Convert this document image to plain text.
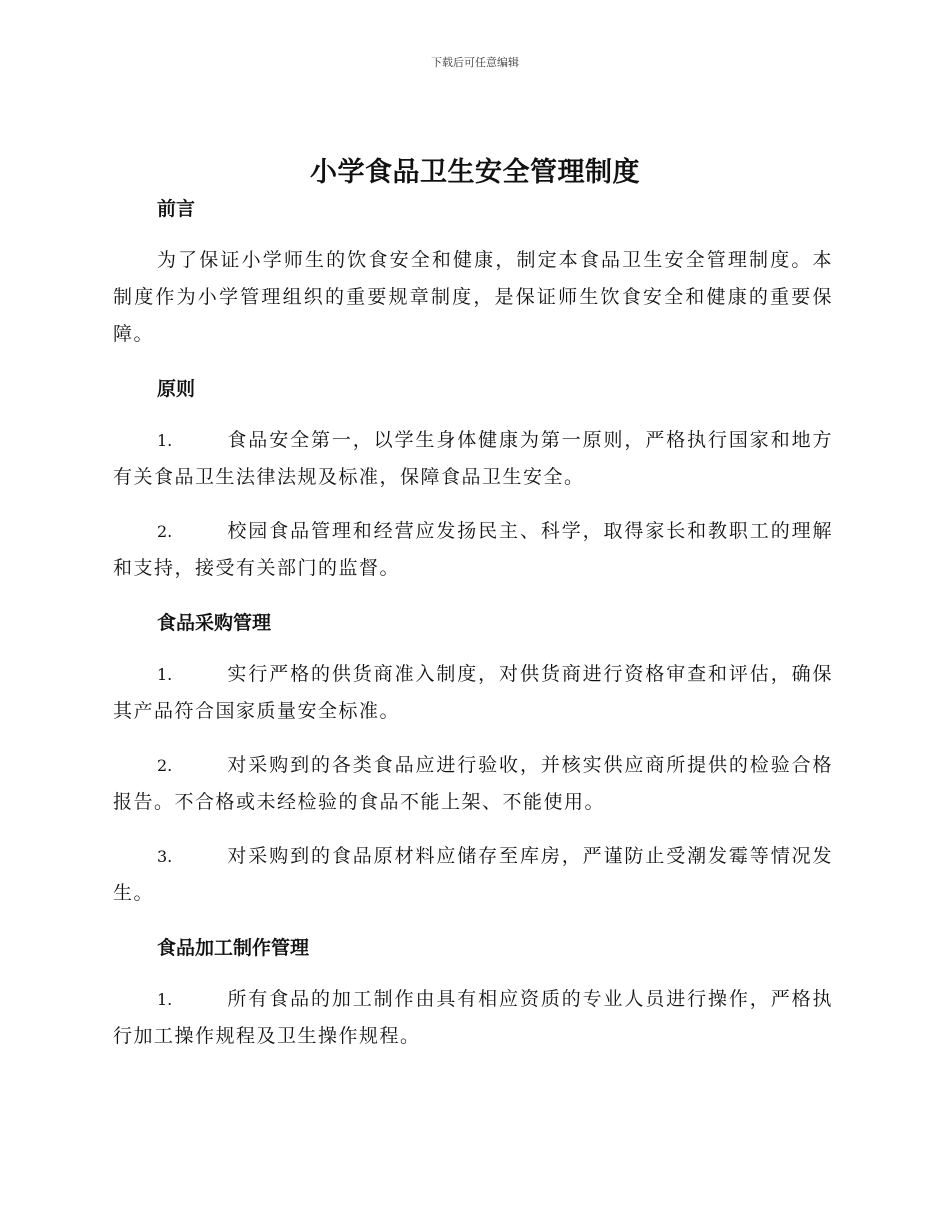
下载后可任意编辑
小学食品卫生安全管理制度
前言

为了保证小学师生的饮食安全和健康，制定本食品卫生安全管理制度。本制度作为小学管理组织的重要规章制度，是保证师生饮食安全和健康的重要保障。

原则

1.	食品安全第一，以学生身体健康为第一原则，严格执行国家和地方有关食品卫生法律法规及标准，保障食品卫生安全。

2.	校园食品管理和经营应发扬民主、科学，取得家长和教职工的理解和支持，接受有关部门的监督。

食品采购管理

1.	实行严格的供货商准入制度，对供货商进行资格审查和评估，确保其产品符合国家质量安全标准。

2.	对采购到的各类食品应进行验收，并核实供应商所提供的检验合格报告。不合格或未经检验的食品不能上架、不能使用。

3.	对采购到的食品原材料应储存至库房，严谨防止受潮发霉等情况发生。

食品加工制作管理

1.	所有食品的加工制作由具有相应资质的专业人员进行操作，严格执行加工操作规程及卫生操作规程。
